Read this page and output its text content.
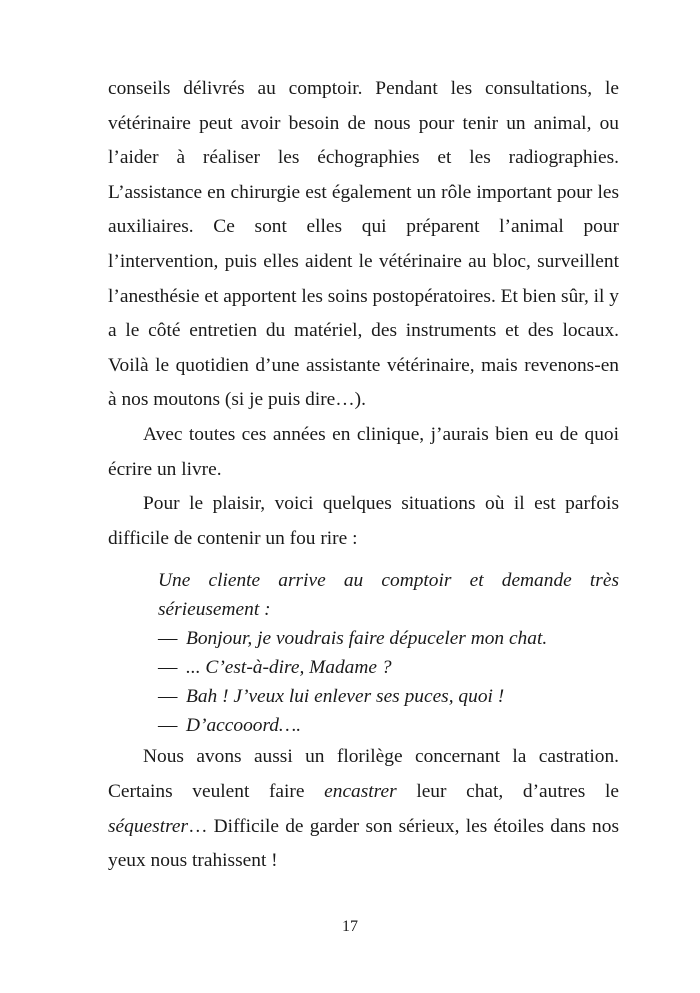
conseils délivrés au comptoir. Pendant les consultations, le vétérinaire peut avoir besoin de nous pour tenir un animal, ou l’aider à réaliser les échographies et les radiographies. L’assistance en chirurgie est également un rôle important pour les auxiliaires. Ce sont elles qui préparent l’animal pour l’intervention, puis elles aident le vétérinaire au bloc, surveillent l’anesthésie et apportent les soins postopératoires. Et bien sûr, il y a le côté entretien du matériel, des instruments et des locaux. Voilà le quotidien d’une assistante vétérinaire, mais revenons-en à nos moutons (si je puis dire…).

Avec toutes ces années en clinique, j’aurais bien eu de quoi écrire un livre.

Pour le plaisir, voici quelques situations où il est parfois difficile de contenir un fou rire :

Une cliente arrive au comptoir et demande très sérieusement :

— Bonjour, je voudrais faire dépuceler mon chat.

— ... C’est-à-dire, Madame ?

— Bah ! J’veux lui enlever ses puces, quoi !

— D’accooord….

Nous avons aussi un florilège concernant la castration. Certains veulent faire encastrer leur chat, d’autres le séquestrer… Difficile de garder son sérieux, les étoiles dans nos yeux nous trahissent !

17
